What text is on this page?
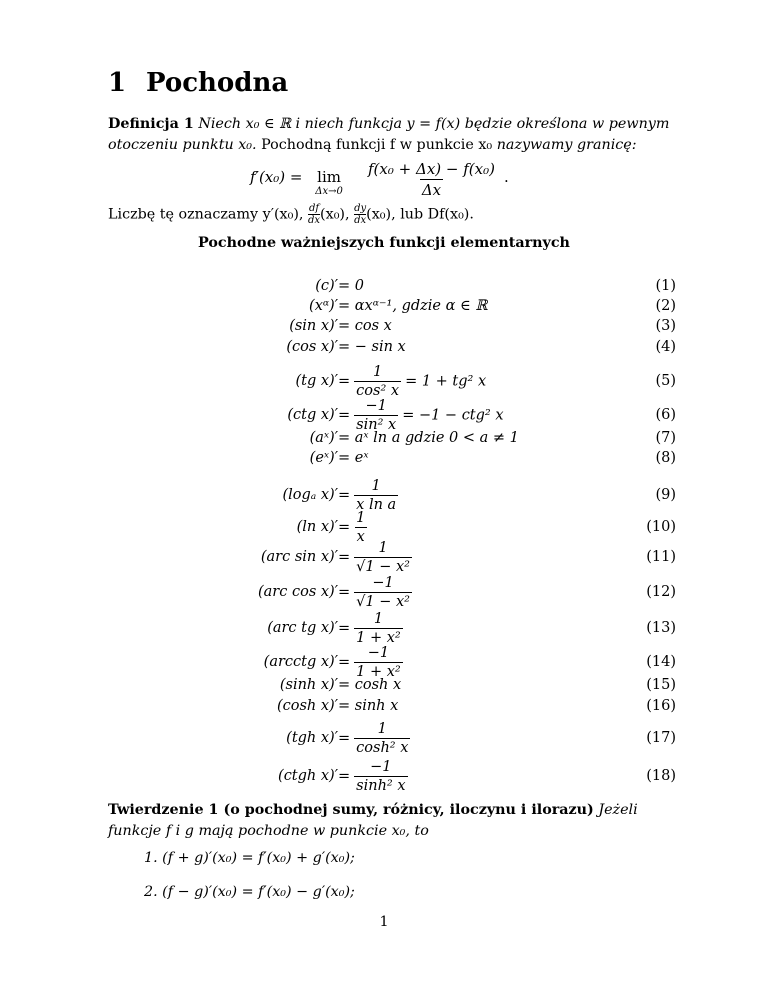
1 Pochodna
Definicja 1 Niech x₀ ∈ ℝ i niech funkcja y = f(x) będzie określona w pewnym otoczeniu punktu x₀. Pochodną funkcji f w punkcie x₀ nazywamy granicę:
f′(x₀) = lim
$\Delta x\to 0 \frac{\text{f(x₀ + Δx) − f(x₀)}}{\Delta x}$ .
Liczbę tę oznaczamy y′(x₀), $\frac{df}{dx} (x_0)$, $\frac{dy}{dx} (x_0)$, lub Df(x₀).
Pochodne ważniejszych funkcji elementarnych
(c)′ = 0	(1)
(xᵅ)′ = αxᵅ⁻¹, gdzie α ∈ ℝ	(2)
(sin x)′ = cos x	(3)
(cos x)′ = − sin x	(4)
(tg $x)' = \frac{1}{\text{cos² x}} = 1 + tg^2$ x	(5)
(ctg $x)' = \frac{-1}{\text{sin² x}} = -1 - ctg^2$ x	(6)
(aˣ)′ = aˣ ln a gdzie 0 < a ≠ 1	(7)
(eˣ)′ = eˣ	(8)
(logₐ $x)' = \frac{1}{\text{x ln a}}$	(9)
(ln $x)' = \frac{1}{x}$	(10)
(arc $\sin x)' = \frac{1}{\text{√1 − x²}}$	(11)
(arc $\cos x)' = \frac{-1}{\text{√1 − x²}}$	(12)
(arc tg $x)' = \frac{1}{\text{1 + x²}}$	(13)
(arcctg $x)' = \frac{-1}{\text{1 + x²}}$	(14)
(sinh x)′ = cosh x	(15)
(cosh x)′ = sinh x	(16)
(tgh $x)' = \frac{1}{\text{cosh² x}}$	(17)
(ctgh $x)' = \frac{-1}{\text{sinh² x}}$	(18)
Twierdzenie 1 (o pochodnej sumy, różnicy, iloczynu i ilorazu) Jeżeli funkcje f i g mają pochodne w punkcie x₀, to
1. (f + g)′(x₀) = f′(x₀) + g′(x₀);
2. (f − g)′(x₀) = f′(x₀) − g′(x₀);
1
